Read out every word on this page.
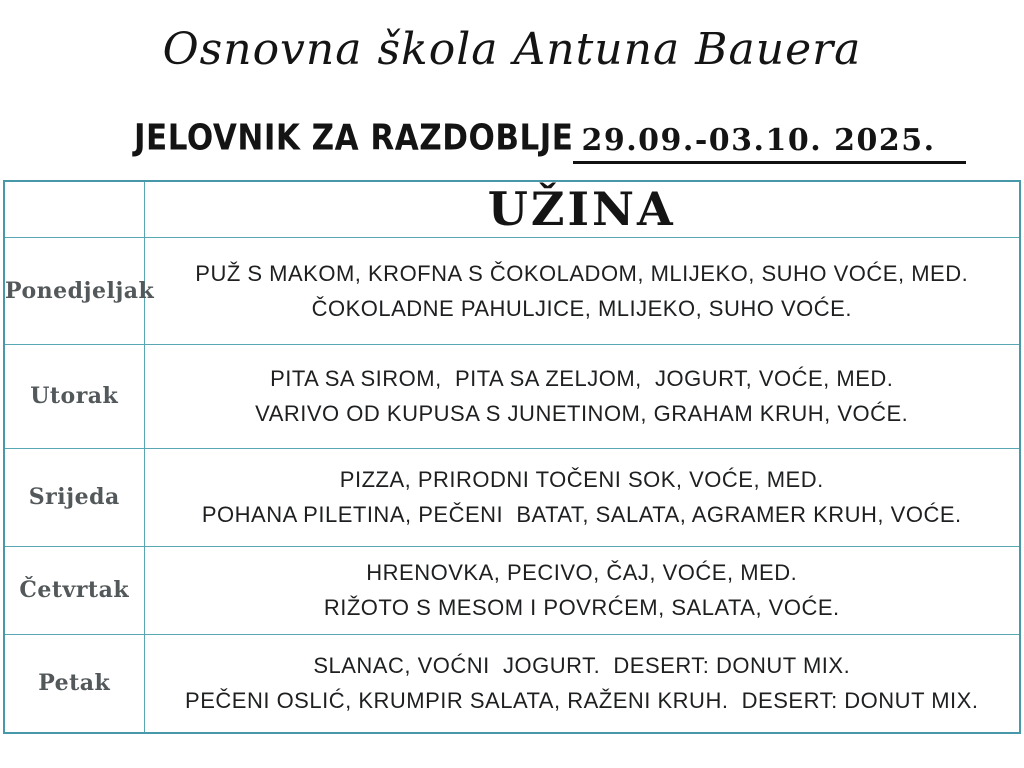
Osnovna škola Antuna Bauera
JELOVNIK ZA RAZDOBLJE 29.09.-03.10. 2025.
	UŽINA
Ponedjeljak	PUŽ S MAKOM, KROFNA S ČOKOLADOM, MLIJEKO, SUHO VOĆE, MED.
ČOKOLADNE PAHULJICE, MLIJEKO, SUHO VOĆE.

Utorak	PITA SA SIROM,  PITA SA ZELJOM,  JOGURT, VOĆE, MED.
VARIVO OD KUPUSA S JUNETINOM, GRAHAM KRUH, VOĆE.

Srijeda	PIZZA, PRIRODNI TOČENI SOK, VOĆE, MED.
POHANA PILETINA, PEČENI  BATAT, SALATA, AGRAMER KRUH, VOĆE.

Četvrtak	HRENOVKA, PECIVO, ČAJ, VOĆE, MED.
RIŽOTO S MESOM I POVRĆEM, SALATA, VOĆE.

Petak	SLANAC, VOĆNI  JOGURT.  DESERT: DONUT MIX.
PEČENI OSLIĆ, KRUMPIR SALATA, RAŽENI KRUH.  DESERT: DONUT MIX.
